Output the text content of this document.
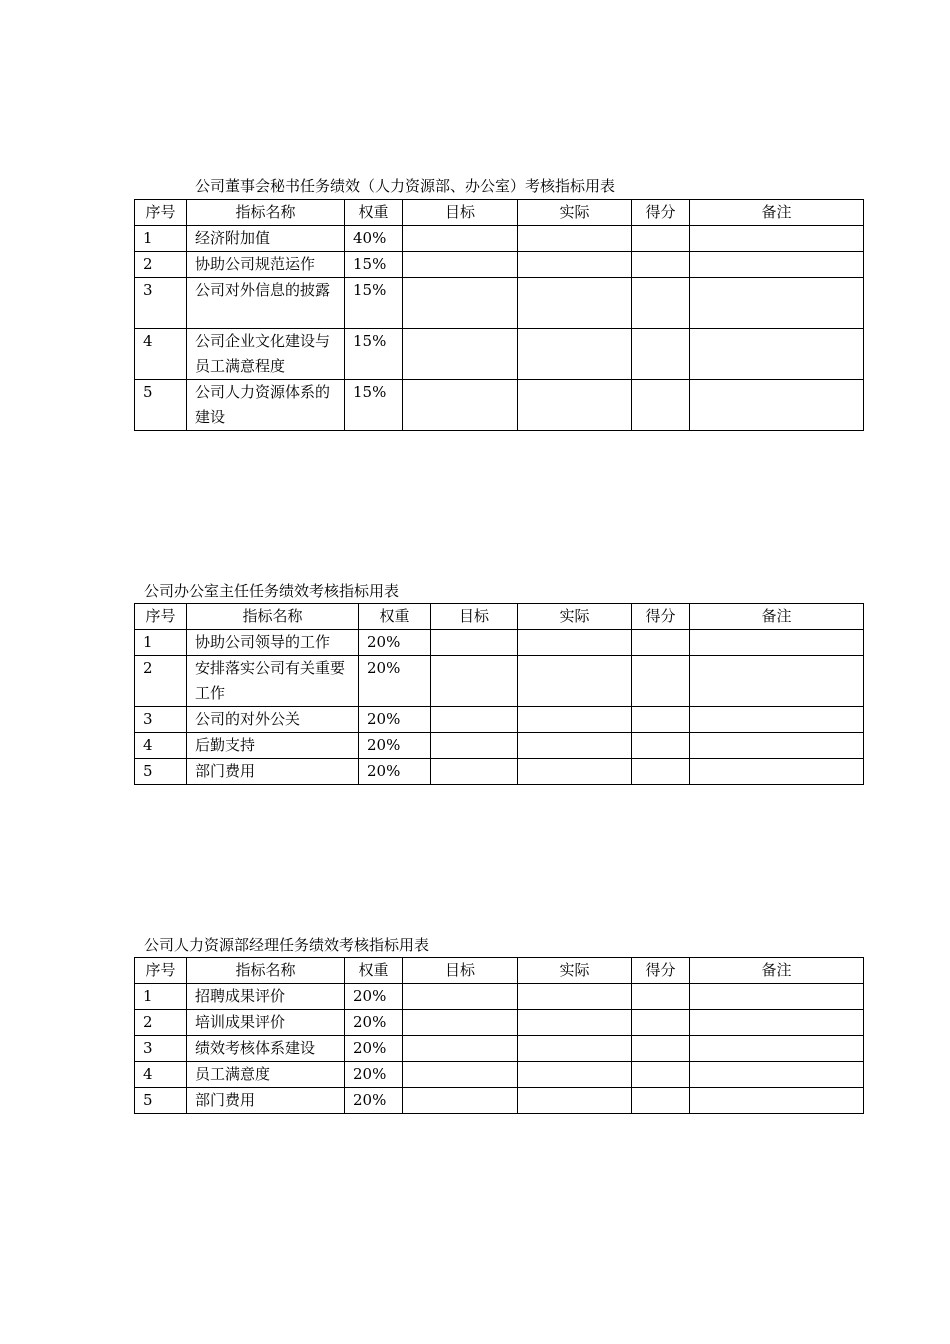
公司董事会秘书任务绩效（人力资源部、办公室）考核指标用表
序号	指标名称	权重	目标	实际	得分	备注
1	经济附加值	40%				
2	协助公司规范运作	15%				
3	公司对外信息的披露	15%				
4	公司企业文化建设与员工满意程度	15%				
5	公司人力资源体系的建设	15%				
公司办公室主任任务绩效考核指标用表
序号	指标名称	权重	目标	实际	得分	备注
1	协助公司领导的工作	20%				
2	安排落实公司有关重要工作	20%				
3	公司的对外公关	20%				
4	后勤支持	20%				
5	部门费用	20%				
公司人力资源部经理任务绩效考核指标用表
序号	指标名称	权重	目标	实际	得分	备注
1	招聘成果评价	20%				
2	培训成果评价	20%				
3	绩效考核体系建设	20%				
4	员工满意度	20%				
5	部门费用	20%				
